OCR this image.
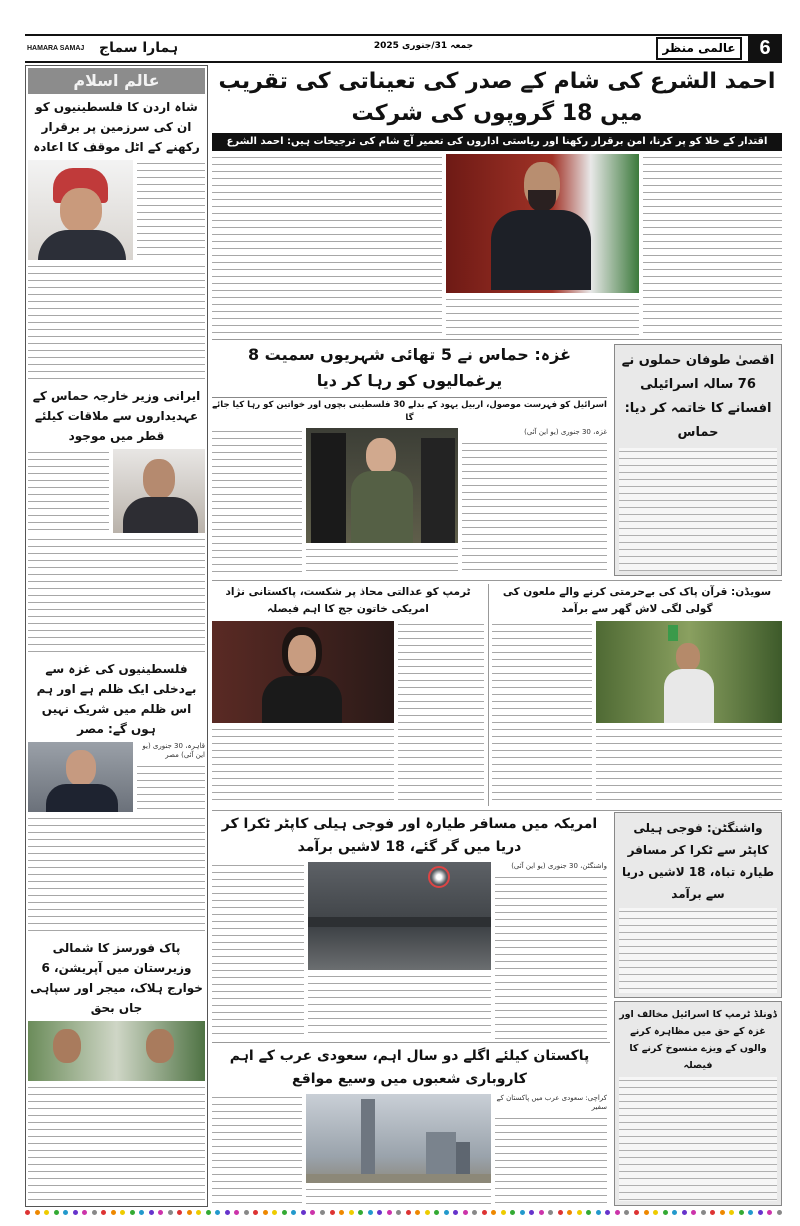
HAMARA SAMAJ ہمارا سماج	جمعہ 31/جنوری 2025	عالمی منظر	6
عالم اسلام
شاہ اردن کا فلسطینیوں کو ان کی سرزمین پر برقرار رکھنے کے اٹل موقف کا اعادہ
ایرانی وزیر خارجہ حماس کے عہدیداروں سے ملاقات کیلئے قطر میں موجود
فلسطینیوں کی غزہ سے بےدخلی ایک ظلم ہے اور ہم اس ظلم میں شریک نہیں ہوں گے: مصر
قاہرہ، 30 جنوری (یو این آئی) مصر
پاک فورسز کا شمالی وزیرستان میں آپریشن، 6 خوارج ہلاک، میجر اور سپاہی جاں بحق
احمد الشرع کی شام کے صدر کی تعیناتی کی تقریب میں 18 گروپوں کی شرکت
اقتدار کے خلا کو پر کرنا، امن برقرار رکھنا اور ریاستی اداروں کی تعمیر آج شام کی ترجیحات ہیں: احمد الشرع
غزہ: حماس نے 5 تھائی شہریوں سمیت 8 یرغمالیوں کو رہا کر دیا
اسرائیل کو فہرست موصول، اربیل یہود کے بدلے 30 فلسطینی بچوں اور خواتین کو رہا کیا جائے گا
غزہ، 30 جنوری (یو این آئی)
اقصیٰ طوفان حملوں نے 76 سالہ اسرائیلی افسانے کا خاتمہ کر دیا: حماس
ٹرمپ کو عدالتی محاذ پر شکست، پاکستانی نژاد امریکی خاتون جج کا اہم فیصلہ
سویڈن: قرآن پاک کی بےحرمتی کرنے والے ملعون کی گولی لگی لاش گھر سے برآمد
امریکہ میں مسافر طیارہ اور فوجی ہیلی کاپٹر ٹکرا کر دریا میں گر گئے، 18 لاشیں برآمد
واشنگٹن، 30 جنوری (یو این آئی)
واشنگٹن: فوجی ہیلی کاپٹر سے ٹکرا کر مسافر طیارہ تباہ، 18 لاشیں دریا سے برآمد
ڈونلڈ ٹرمپ کا اسرائیل مخالف اور غزہ کے حق میں مظاہرہ کرنے والوں کے ویزے منسوخ کرنے کا فیصلہ
پاکستان کیلئے اگلے دو سال اہم، سعودی عرب کے اہم کاروباری شعبوں میں وسیع مواقع
کراچی: سعودی عرب میں پاکستان کے سفیر
